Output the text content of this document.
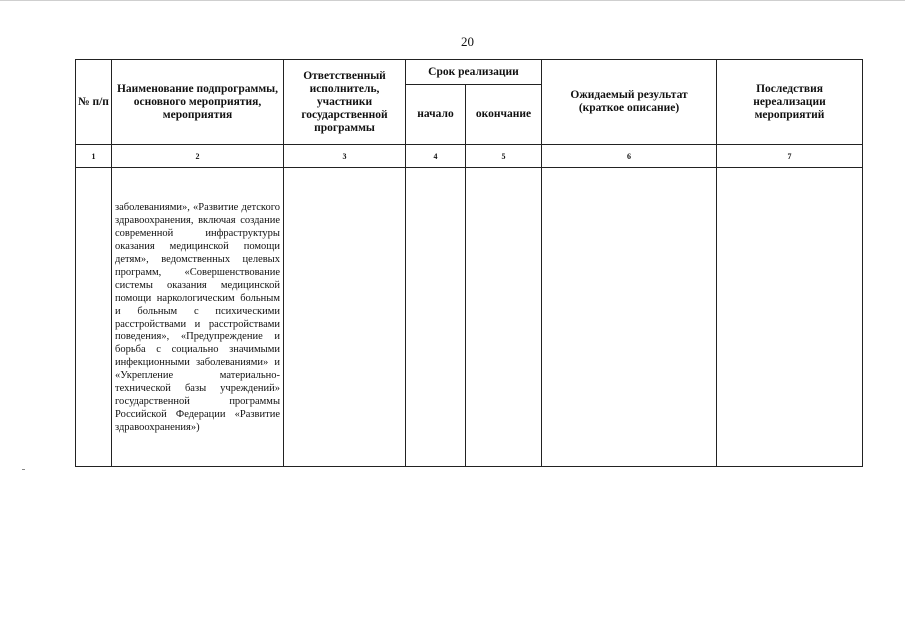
20
№ п/п	Наименование подпрограммы, основного мероприятия, мероприятия	Ответственный исполнитель, участники государственной программы	Срок реализации		Ожидаемый результат (краткое описание)	Последствия нереализации мероприятий
			начало	окончание		
1	2	3	4	5	6	7

	заболеваниями», «Развитие детского здравоохранения, включая создание современной инфраструктуры оказания медицинской помощи детям», ведомственных целевых программ, «Совершенствование системы оказания медицинской помощи наркологическим больным и больным с психическими расстройствами и расстройствами поведения», «Предупреждение и борьба с социально значимыми инфекционными заболеваниями» и «Укрепление материально-технической базы учреждений» государственной программы Российской Федерации «Развитие здравоохранения»)					
